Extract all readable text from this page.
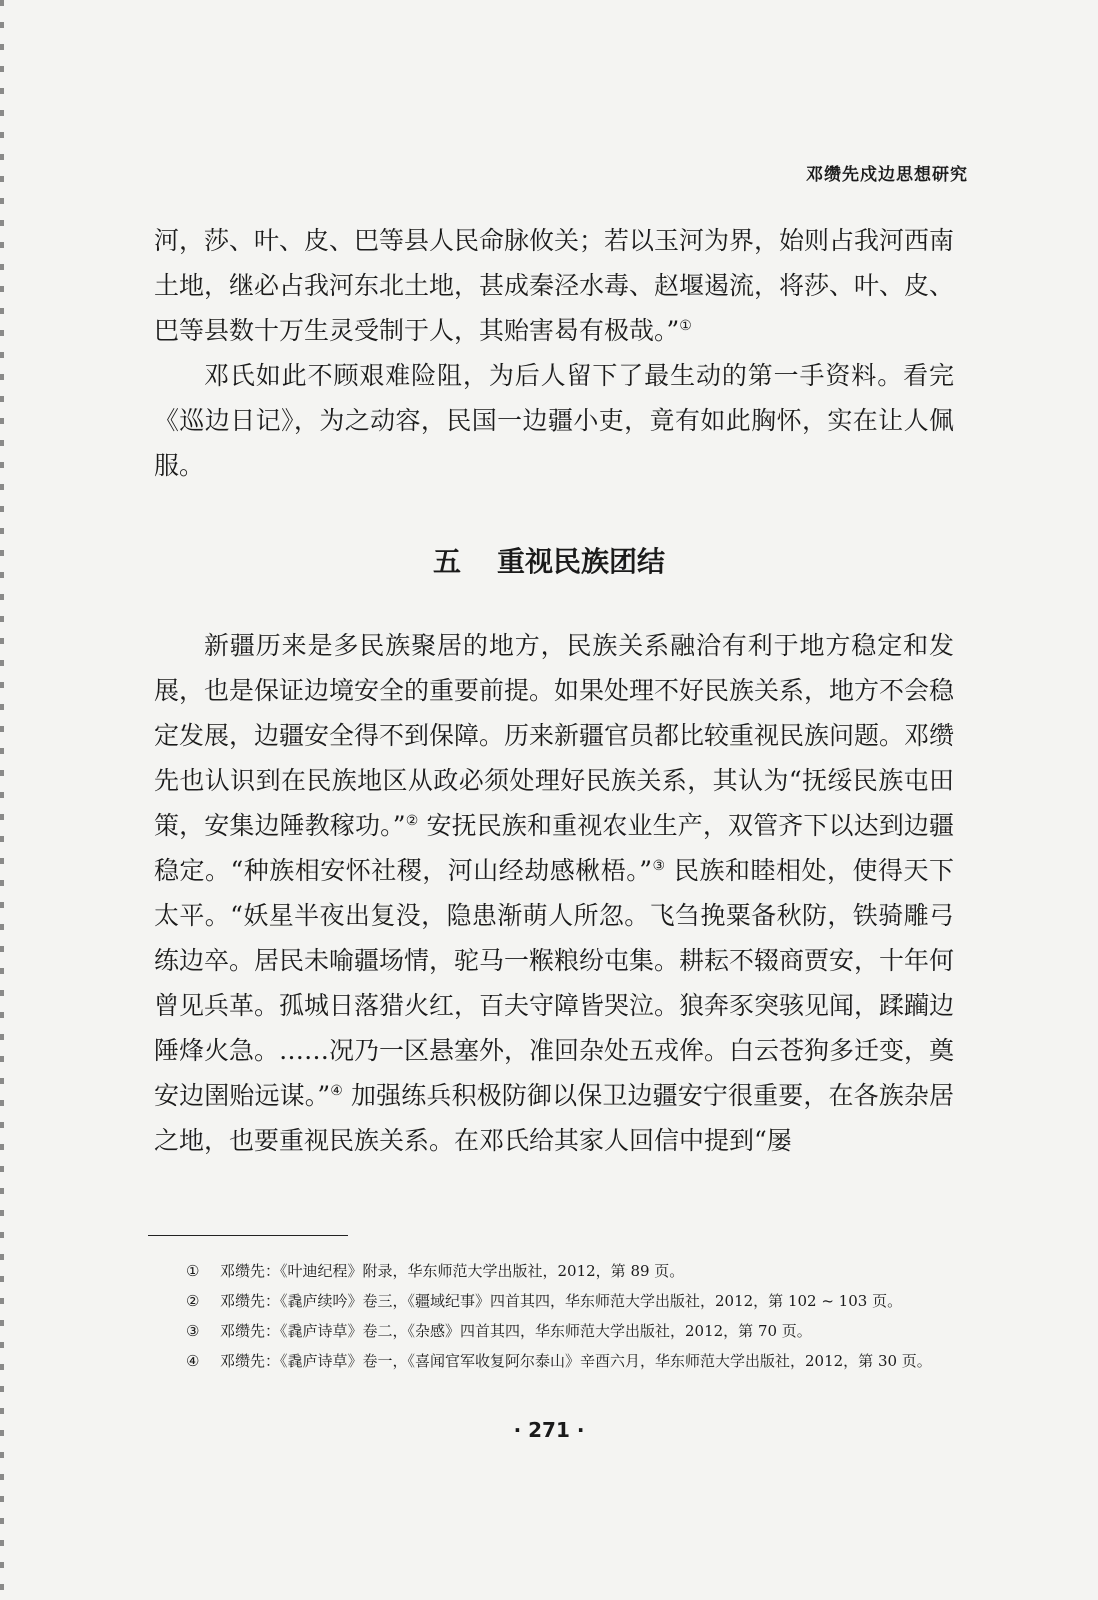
邓缵先戍边思想研究

河，莎、叶、皮、巴等县人民命脉攸关；若以玉河为界，始则占我河西南土地，继必占我河东北土地，甚成秦泾水毒、赵堰遏流，将莎、叶、皮、巴等县数十万生灵受制于人，其贻害曷有极哉。”①

邓氏如此不顾艰难险阻，为后人留下了最生动的第一手资料。看完《巡边日记》，为之动容，民国一边疆小吏，竟有如此胸怀，实在让人佩服。

五 重视民族团结

新疆历来是多民族聚居的地方，民族关系融洽有利于地方稳定和发展，也是保证边境安全的重要前提。如果处理不好民族关系，地方不会稳定发展，边疆安全得不到保障。历来新疆官员都比较重视民族问题。邓缵先也认识到在民族地区从政必须处理好民族关系，其认为“抚绥民族屯田策，安集边陲教稼功。”② 安抚民族和重视农业生产，双管齐下以达到边疆稳定。“种族相安怀社稷，河山经劫感楸梧。”③ 民族和睦相处，使得天下太平。“妖星半夜出复没，隐患渐萌人所忽。飞刍挽粟备秋防，铁骑雕弓练边卒。居民未喻疆场情，驼马一糇粮纷屯集。耕耘不辍商贾安，十年何曾见兵革。孤城日落猎火红，百夫守障皆哭泣。狼奔豕突骇见闻，蹂躏边陲烽火急。……况乃一区悬塞外，准回杂处五戎侔。白云苍狗多迁变，奠安边圉贻远谋。”④ 加强练兵积极防御以保卫边疆安宁很重要，在各族杂居之地，也要重视民族关系。在邓氏给其家人回信中提到“屡

①	邓缵先：《叶迪纪程》附录，华东师范大学出版社，2012，第 89 页。
②	邓缵先：《毳庐续吟》卷三，《疆域纪事》四首其四，华东师范大学出版社，2012，第 102 ~ 103 页。
③	邓缵先：《毳庐诗草》卷二，《杂感》四首其四，华东师范大学出版社，2012，第 70 页。
④	邓缵先：《毳庐诗草》卷一，《喜闻官军收复阿尔泰山》辛酉六月，华东师范大学出版社，2012，第 30 页。
· 271 ·
